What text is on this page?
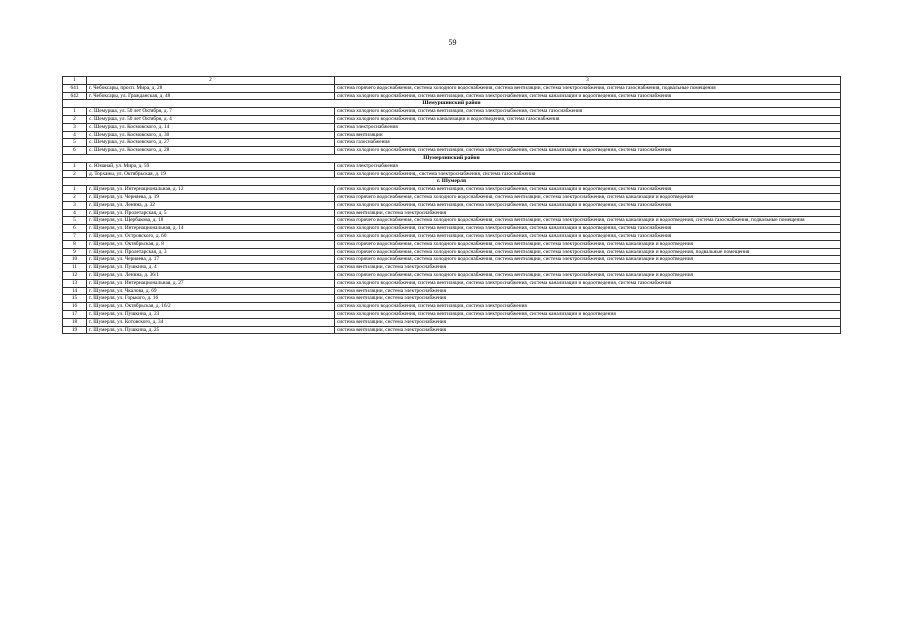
59
1	2	3
641	г. Чебоксары, просп. Мира, д. 28	система горячего водоснабжения, система холодного водоснабжения, система вентиляции, система электроснабжения, система газоснабжения, подвальные помещения
642	г. Чебоксары, ул. Гражданская, д. 48	система холодного водоснабжения, система вентиляции, система электроснабжения, система канализации и водоотведения, система газоснабжения
Шемуршинский район		
1	с. Шемурша, ул. 50 лет Октября, д. 7	система холодного водоснабжения, система вентиляции, система электроснабжения, система газоснабжения
2	с. Шемурша, ул. 50 лет Октября, д. 4	система холодного водоснабжения, система канализации и водоотведения, система газоснабжения
3	с. Шемурша, ул. Космовского, д. 14	система электроснабжения
4	с. Шемурша, ул. Космовского, д. 30	система вентиляции
5	с. Шемурша, ул. Космовского, д. 27	система газоснабжения
6	с. Шемурша, ул. Космовского, д. 28	система холодного водоснабжения, система вентиляции, система электроснабжения, система канализации и водоотведения, система газоснабжения
Шумерлинский район		
1	с. Юманай, ул. Мира, д. 59	система электроснабжения
2	д. Торханы, ул. Октябрьская, д. 19	система холодного водоснабжения,, система электроснабжения, система газоснабжения
г. Шумерля		
1	г. Шумерля, ул. Интернациональная, д. 12	система холодного водоснабжения, система вентиляции, система электроснабжения, система канализации и водоотведения, система газоснабжения
2	г. Шумерля, ул. Черняева, д. 19	система горячего водоснабжения, система холодного водоснабжения, система вентиляции, система электроснабжения, система канализации и водоотведения
3	г. Шумерля, ул. Ленина, д. 32	система холодного водоснабжения, система вентиляции, система электроснабжения, система канализации и водоотведения, система газоснабжения
4	г. Шумерля, ул. Пролетарская, д. 5	система вентиляции, система электроснабжения
5	г. Шумерля, ул. Щербакова, д. 18	система горячего водоснабжения, система холодного водоснабжения, система вентиляции, система электроснабжения, система канализации и водоотведения, система газоснабжения, подвальные помещения
6	г. Шумерля, ул. Интернациональная, д. 14	система холодного водоснабжения, система вентиляции, система электроснабжения, система канализации и водоотведения, система газоснабжения
7	г. Шумерля, ул. Островского, д. 60	система холодного водоснабжения, система вентиляции, система электроснабжения, система канализации и водоотведения, система газоснабжения
8	г. Шумерля, ул. Октябрьская, д. 8	система горячего водоснабжения, система холодного водоснабжения, система вентиляции, система электроснабжения, система канализации и водоотведения
9	г. Шумерля, ул. Пролетарская, д. 3	система горячего водоснабжения, система холодного водоснабжения, система вентиляции, система электроснабжения, система канализации и водоотведения, подвальные помещения
10	г. Шумерля, ул. Черняева, д. 17	система горячего водоснабжения, система холодного водоснабжения, система вентиляции, система электроснабжения, система канализации и водоотведения
11	г. Шумерля, ул. Пушкина, д. 4	система вентиляции, система электроснабжения
12	г. Шумерля, ул. Ленина, д. 36/1	система горячего водоснабжения, система холодного водоснабжения, система вентиляции, система электроснабжения, система канализации и водоотведения
13	г. Шумерля, ул. Интернациональная, д. 27	система холодного водоснабжения, система вентиляции, система электроснабжения, система канализации и водоотведения, система газоснабжения
14	г. Шумерля, ул. Чкалова, д. 69	система вентиляции, система электроснабжения
15	г. Шумерля, ул. Горького, д. 16	система вентиляции, система электроснабжения
16	г. Шумерля, ул. Октябрьская, д. 16/2	система холодного водоснабжения, система вентиляции, система электроснабжения
17	г. Шумерля, ул. Пушкина, д. 23	система холодного водоснабжения, система вентиляции, система электроснабжения, система канализации и водоотведения
18	г. Шумерля, ул. Котовского, д. 34	система вентиляции, система электроснабжения
19	г. Шумерля, ул. Пушкина, д. 25	система вентиляции, система электроснабжения
